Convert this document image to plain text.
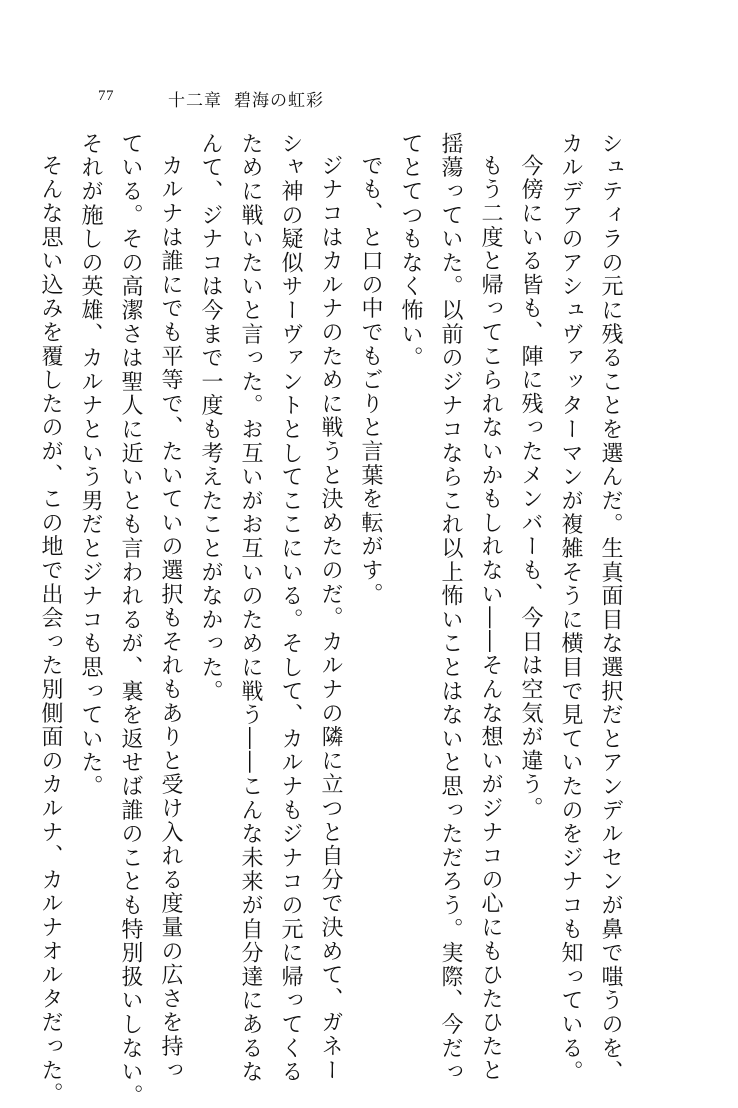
77	十二章 碧海の虹彩

シュティラの元に残ることを選んだ。生真面目な選択だとアンデルセンが鼻で嗤うのを、

カルデアのアシュヴァッターマンが複雑そうに横目で見ていたのをジナコも知っている。

今傍にいる皆も、陣に残ったメンバーも、今日は空気が違う。

もう二度と帰ってこられないかもしれない――そんな想いがジナコの心にもひたひたと

揺蕩っていた。以前のジナコならこれ以上怖いことはないと思っただろう。実際、今だっ

てとてつもなく怖い。

でも、と口の中でもごりと言葉を転がす。

ジナコはカルナのために戦うと決めたのだ。カルナの隣に立つと自分で決めて、ガネー

シャ神の疑似サーヴァントとしてここにいる。そして、カルナもジナコの元に帰ってくる

ために戦いたいと言った。お互いがお互いのために戦う――こんな未来が自分達にあるな

んて、ジナコは今まで一度も考えたことがなかった。

カルナは誰にでも平等で、たいていの選択もそれもありと受け入れる度量の広さを持っ

ている。その高潔さは聖人に近いとも言われるが、裏を返せば誰のことも特別扱いしない。

それが施しの英雄、カルナという男だとジナコも思っていた。

そんな思い込みを覆したのが、この地で出会った別側面のカルナ、カルナオルタだった。
